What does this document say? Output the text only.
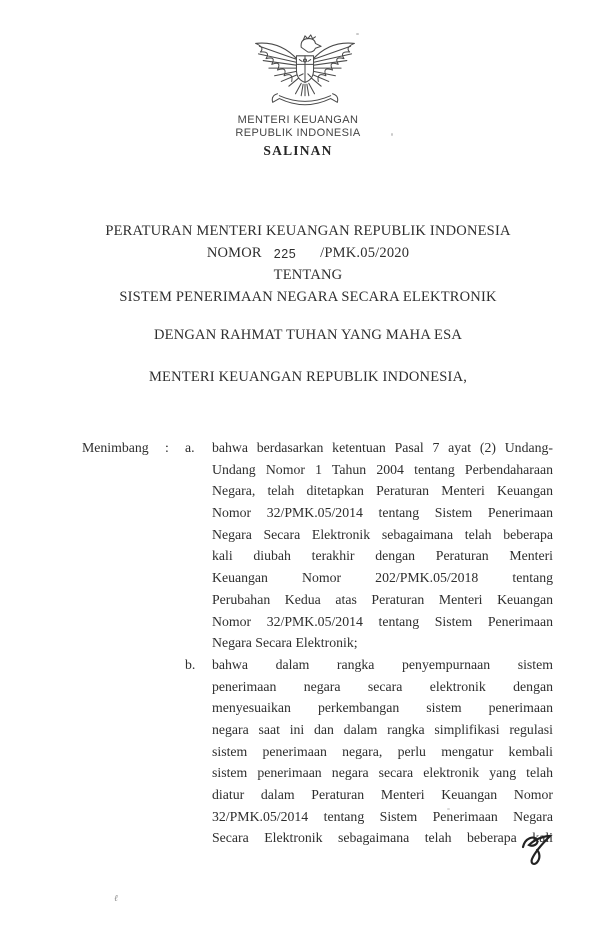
MENTERI KEUANGAN
REPUBLIK INDONESIA
SALINAN
PERATURAN MENTERI KEUANGAN REPUBLIK INDONESIA
NOMOR 225 /PMK.05/2020
TENTANG
SISTEM PENERIMAAN NEGARA SECARA ELEKTRONIK
DENGAN RAHMAT TUHAN YANG MAHA ESA
MENTERI KEUANGAN REPUBLIK INDONESIA,
Menimbang	:	a.	bahwa berdasarkan ketentuan Pasal 7 ayat (2) Undang-
Undang Nomor 1 Tahun 2004 tentang Perbendaharaan
Negara, telah ditetapkan Peraturan Menteri Keuangan
Nomor 32/PMK.05/2014 tentang Sistem Penerimaan
Negara Secara Elektronik sebagaimana telah beberapa
kali diubah terakhir dengan Peraturan Menteri
Keuangan Nomor 202/PMK.05/2018 tentang
Perubahan Kedua atas Peraturan Menteri Keuangan
Nomor 32/PMK.05/2014 tentang Sistem Penerimaan
Negara Secara Elektronik;
b.	bahwa dalam rangka penyempurnaan sistem
penerimaan negara secara elektronik dengan
menyesuaikan perkembangan sistem penerimaan
negara saat ini dan dalam rangka simplifikasi regulasi
sistem penerimaan negara, perlu mengatur kembali
sistem penerimaan negara secara elektronik yang telah
diatur dalam Peraturan Menteri Keuangan Nomor
32/PMK.05/2014 tentang Sistem Penerimaan Negara
Secara Elektronik sebagaimana telah beberapa kali
ℓ
